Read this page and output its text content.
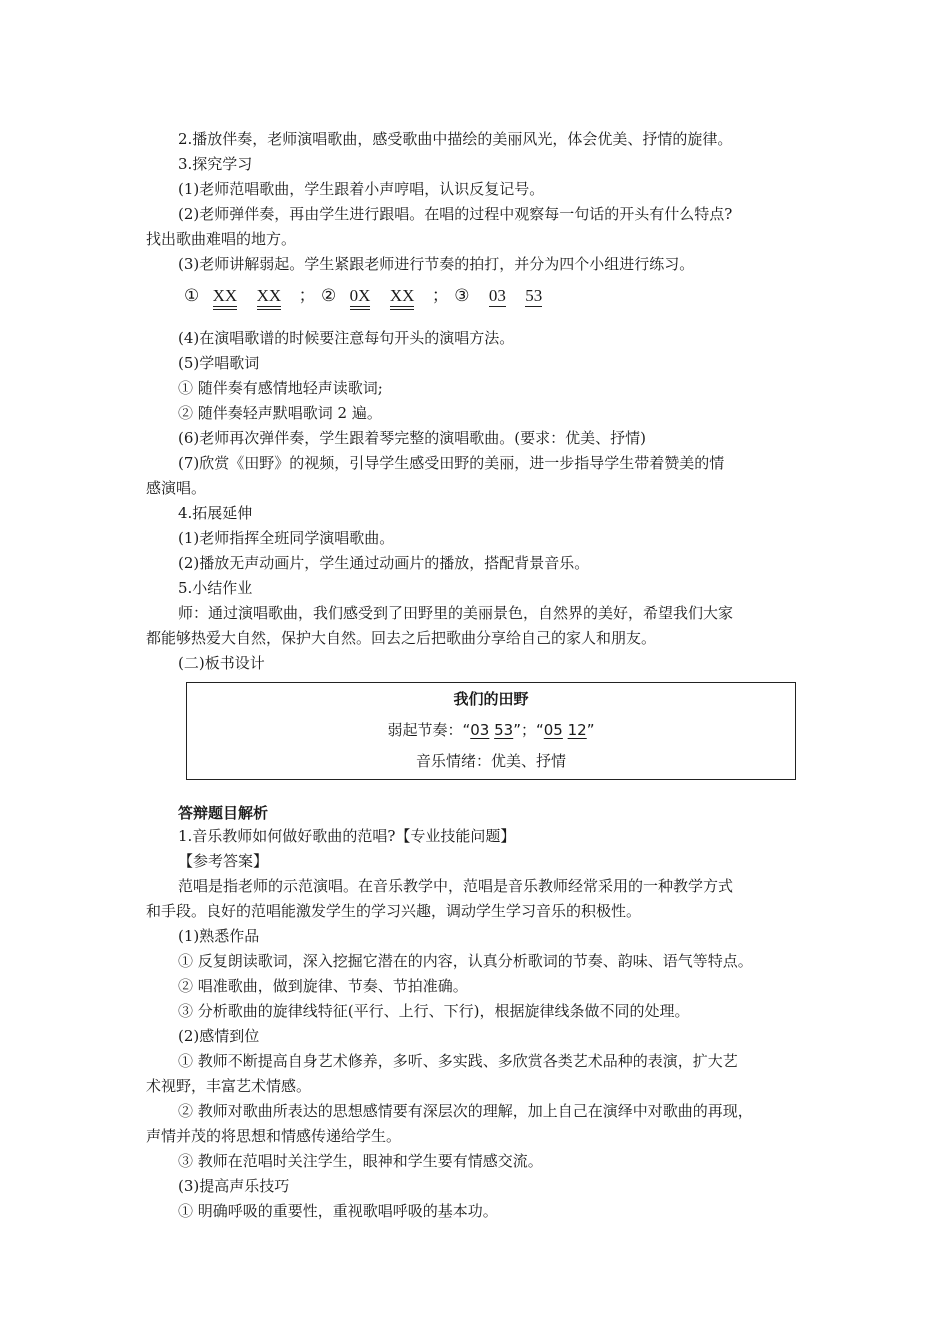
2.播放伴奏，老师演唱歌曲，感受歌曲中描绘的美丽风光，体会优美、抒情的旋律。
3.探究学习
(1)老师范唱歌曲，学生跟着小声哼唱，认识反复记号。
(2)老师弹伴奏，再由学生进行跟唱。在唱的过程中观察每一句话的开头有什么特点?
找出歌曲难唱的地方。
(3)老师讲解弱起。学生紧跟老师进行节奏的拍打，并分为四个小组进行练习。
① XX XX ； ② 0X XX ； ③ 03 53
(4)在演唱歌谱的时候要注意每句开头的演唱方法。
(5)学唱歌词
① 随伴奏有感情地轻声读歌词;
② 随伴奏轻声默唱歌词 2 遍。
(6)老师再次弹伴奏，学生跟着琴完整的演唱歌曲。(要求：优美、抒情)
(7)欣赏《田野》的视频，引导学生感受田野的美丽，进一步指导学生带着赞美的情
感演唱。
4.拓展延伸
(1)老师指挥全班同学演唱歌曲。
(2)播放无声动画片，学生通过动画片的播放，搭配背景音乐。
5.小结作业
师：通过演唱歌曲，我们感受到了田野里的美丽景色，自然界的美好，希望我们大家
都能够热爱大自然，保护大自然。回去之后把歌曲分享给自己的家人和朋友。
(二)板书设计
我们的田野
弱起节奏：“03 53”；“05 12”
音乐情绪：优美、抒情
答辩题目解析
1.音乐教师如何做好歌曲的范唱?【专业技能问题】
【参考答案】
范唱是指老师的示范演唱。在音乐教学中，范唱是音乐教师经常采用的一种教学方式
和手段。良好的范唱能激发学生的学习兴趣，调动学生学习音乐的积极性。
(1)熟悉作品
① 反复朗读歌词，深入挖掘它潜在的内容，认真分析歌词的节奏、韵味、语气等特点。
② 唱准歌曲，做到旋律、节奏、节拍准确。
③ 分析歌曲的旋律线特征(平行、上行、下行)，根据旋律线条做不同的处理。
(2)感情到位
① 教师不断提高自身艺术修养，多听、多实践、多欣赏各类艺术品种的表演，扩大艺
术视野，丰富艺术情感。
② 教师对歌曲所表达的思想感情要有深层次的理解，加上自己在演绎中对歌曲的再现，
声情并茂的将思想和情感传递给学生。
③ 教师在范唱时关注学生，眼神和学生要有情感交流。
(3)提高声乐技巧
① 明确呼吸的重要性，重视歌唱呼吸的基本功。
